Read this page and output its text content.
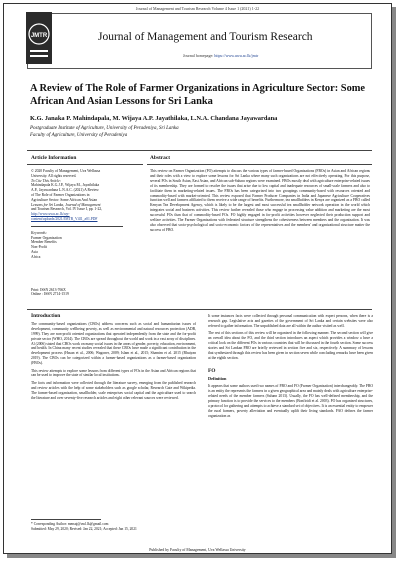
Journal of Management and Tourism Research Volume 4 Issue 1 (2021) 1-22
JMTR	Journal of Management and Tourism Research
Journal homepage: https://www.uwu.ac.lk/jmtr
A Review of The Role of Farmer Organizations in Agriculture Sector: Some African And Asian Lessons for Sri Lanka
K.G. Janaka P. Mahindapala, M. Wijaya A.P. Jayathilaka, L.N.A. Chandana Jayawardana
Postgraduate Institute of Agriculture, University of Peradeniya, Sri Lanka
Faculty of Agriculture, University of Peradeniya
Article Information	Abstract
© 2020 Faculty of Management, Uva Wellassa
University. All rights reserved.
To Cite This Article:
Mahindapala K.G.J.P., Wijaya M., Jayathilaka
A.P., Jayawardana L.N.A.C. (2021) A Review
of The Role of Farmer Organizations in
Agriculture Sector: Some African And Asian
Lessons for Sri Lanka, Journal of Management
and Tourism Research, Vol. IV Issue I, pp. 1-22,
http://www.uwu.ac.lk/wp-
content/uploads/2021/JMTR_V4I1_a01.PDF
Keywords:
Farmer Organization
Member Benefits
Non-Profit
Asia
Africa
Print: ISSN 2613-766X
Online : ISSN 2714-1519
This review on Farmer Organization (FO) attempts to discuss the various types of farmer-based Organizations (FBOs) in Asian and African regions and their roles with a view to explore some lessons for Sri Lanka where many such organizations are not effectively operating. For this purpose, several FOs in South Asian, East Asian, and African sub-Sahara regions were examined. FBOs mostly deal with agriculture enterprise-related issues of its membership. They are formed to resolve the issues that arise due to low capital and inadequate resources of small-scale farmers and also to facilitate them in marketing-related issues. The FBOs has been categorized into two groupings community-based with resources oriented and commodity-based with market-oriented. This review exposed that Farmer Producer Companies in India and Japanese Agriculture Cooperatives function well and farmers affiliated to them receive a wide range of benefits. Furthermore, tea smallholders in Kenya are organized as a FBO called Kenyan Tea Development Agency, which is likely to be the largest and most successful tea smallholder network operation in the world which integrates social and business activities. This review further revealed those who engage in processing value addition and marketing are the most successful FOs than that of commodity-based FOs. FO highly engaged in for-profit activities however neglected their production support and welfare activities. The Farmer Organizations with federated structure strengthens the cohesiveness between members and the organization. It was also observed that socio-psychological and socio-economic factors of the representatives and the members' and organizational structure matter the success of FBO.
Introduction

The community-based organizations (CBOs) address concerns such as social and humanitarian issues of development, community wellbeing poverty, as well as environmental and natural resources protection (ADB, 1999). They are non-profit oriented organizations that operated independently from the state and the for-profit private sector (WHO, 2014). The CBOs are spread throughout the world and work in a vast array of disciplines. Al (2006) stated that CBOs work on many social issues in the areas of gender, poverty, education, environment, and health. In China many recent studies revealed that these CBOs have made a significant contribution in the development process (Hasan et al., 2006; Wagoner, 2009; Islam et al., 2015; Shamim et al. 2015 (Bhuiyan 2019). The CBOs can be categorized within a farmer-based organizations as a farmer-based organization (FBOs).

This review attempts to explore some lessons from different types of FOs in the Asian and African regions that can be used to improve the state of similar local institutions.

The facts and information were collected through the literature survey, emerging from the published research and review articles with the help of some stakeholders such as google scholar, Research Gate and Wikipedia. The farmer-based organization, smallholder, scale enterprises social capital and the agriculture used to search the literature and over seventy-five research articles and eight other relevant sources were reviewed.

It some instances facts were collected through personal communication with expert persons, when there is a research gap. Legislative acts and gazettes of the government of Sri Lanka and certain websites were also referred to gather information. The unpublished data are all within the author visited as well.

The rest of this sections of this review will be organized in the following manner. The second section will give an overall idea about the FO, and the third section introduces an aspect which provides a window a have a critical look on the different FOs in various countries that will be discussed in the fourth section. Some success stories and Sri Lankan FBO are briefly reviewed in section five and six, respectively. A summary of lessons that synthesized through this review has been given in section seven while concluding remarks have been given at the eighth section.

FO
Definition

It appears that some authors used two names of FBO and FO (Farmer Organization) interchangeably. The FBO is an entity the represents the farmers in a given geographical area and mainly deals with agriculture enterprise-related needs of the member farmers (Salunn 2013). Usually, the FO has well-defined membership, and the primary function is to provide the services to the members (Bonfiridi et al. 2003). FO has organized structures, a protocol for gathering and attempts to achieve a standard set of objectives. It is an essential entity to empower the rural farmers, poverty alleviation and eventually uplift their living standards. FAO defines the farmer organization as

* Corresponding Author: mmsaj@uwl.lk@gmail.com
Submitted: May 29, 2020; Revised: Jan 22, 2021; Accepted: Jan 15, 2021
Published by Faculty of Management, Uva Wellassa University
